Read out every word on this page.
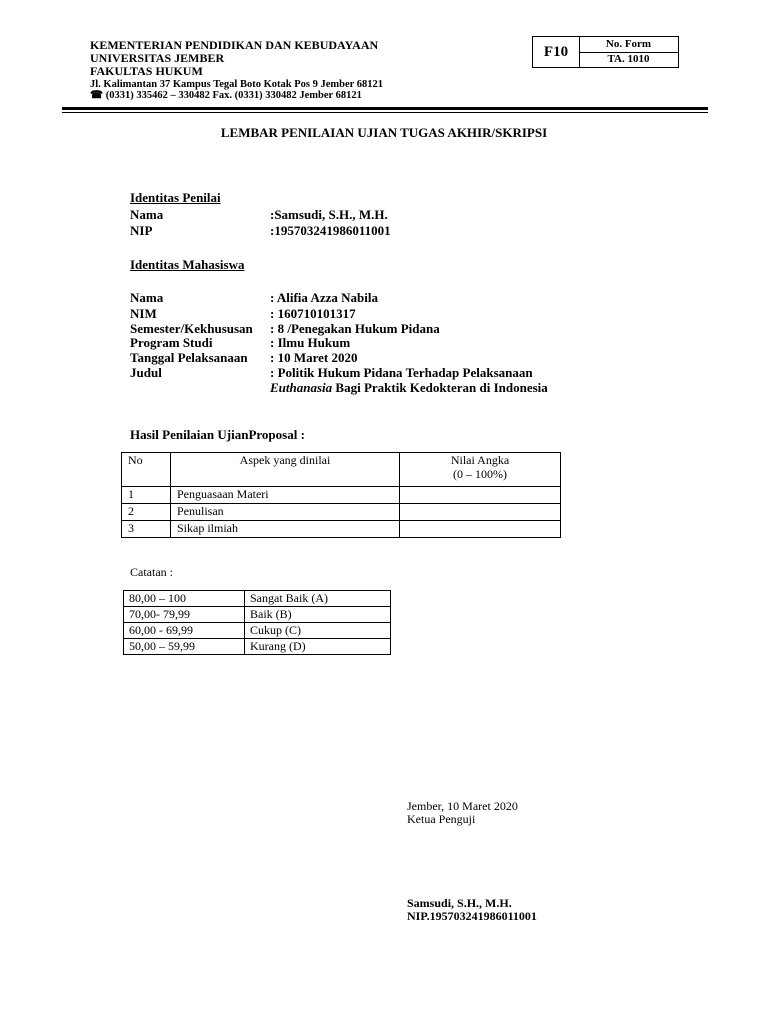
KEMENTERIAN PENDIDIKAN DAN KEBUDAYAAN
UNIVERSITAS JEMBER
FAKULTAS HUKUM
Jl. Kalimantan 37 Kampus Tegal Boto Kotak Pos 9 Jember 68121
☎ (0331) 335462 – 330482 Fax. (0331) 330482 Jember 68121
F10	No. Form
TA. 1010
LEMBAR PENILAIAN UJIAN TUGAS AKHIR/SKRIPSI
Identitas Penilai
Nama	:Samsudi, S.H., M.H.
NIP	:195703241986011001
Identitas Mahasiswa
Nama	: Alifia Azza Nabila
NIM	: 160710101317
Semester/Kekhususan : 8 /Penegakan Hukum Pidana
Program Studi	: Ilmu Hukum
Tanggal Pelaksanaan : 10 Maret 2020
Judul	: Politik Hukum Pidana Terhadap Pelaksanaan
Euthanasia Bagi Praktik Kedokteran di Indonesia
Hasil Penilaian UjianProposal :
No	Aspek yang dinilai	Nilai Angka
(0 – 100%)

1	Penguasaan Materi	
2	Penulisan	
3	Sikap ilmiah	
Catatan :
80,00 – 100	Sangat Baik (A)
70,00- 79,99	Baik (B)
60,00 - 69,99	Cukup (C)
50,00 – 59,99	Kurang (D)
Jember, 10 Maret 2020
Ketua Penguji
Samsudi, S.H., M.H.
NIP.195703241986011001
